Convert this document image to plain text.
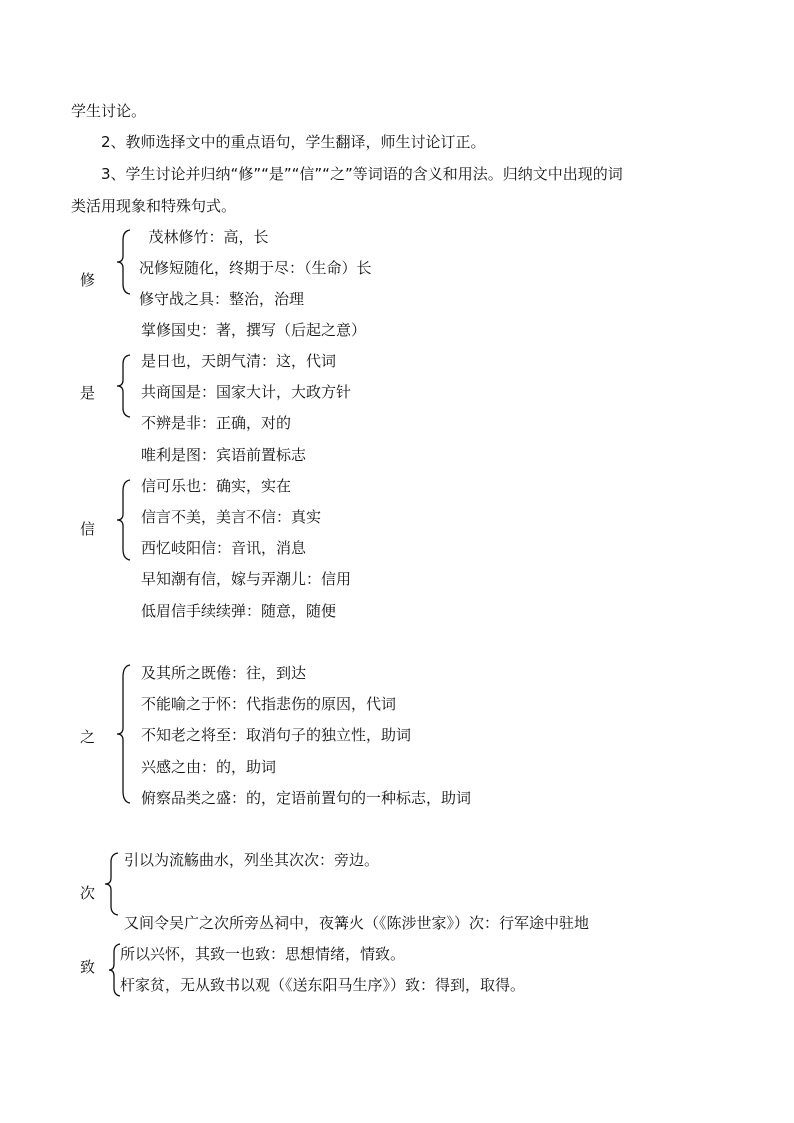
学生讨论。
2、教师选择文中的重点语句，学生翻译，师生讨论订正。
3、学生讨论并归纳“修”“是”“信”“之”等词语的含义和用法。归纳文中出现的词
类活用现象和特殊句式。
修
茂林修竹：高，长
况修短随化，终期于尽：（生命）长
修守战之具：整治，治理
掌修国史：著，撰写（后起之意）
是
是日也，天朗气清：这，代词
共商国是：国家大计，大政方针
不辨是非：正确，对的
唯利是图：宾语前置标志
信
信可乐也：确实，实在
信言不美，美言不信：真实
西忆岐阳信：音讯，消息
早知潮有信，嫁与弄潮儿：信用
低眉信手续续弹：随意，随便
之
及其所之既倦：往，到达
不能喻之于怀：代指悲伤的原因，代词
不知老之将至：取消句子的独立性，助词
兴感之由：的，助词
俯察品类之盛：的，定语前置句的一种标志，助词
次
引以为流觞曲水，列坐其次次：旁边。
又间令吴广之次所旁丛祠中，夜篝火（《陈涉世家》）次：行军途中驻地
致
所以兴怀，其致一也致：思想情绪，情致。
杆家贫，无从致书以观（《送东阳马生序》）致：得到，取得。
